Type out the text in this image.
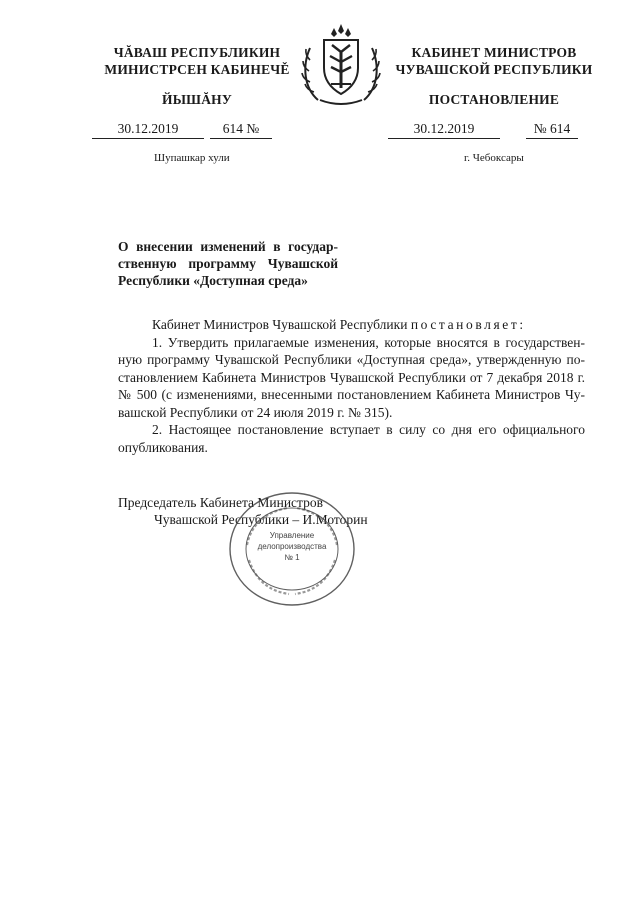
ЧĂВАШ РЕСПУБЛИКИН
МИНИСТРСЕН КАБИНЕЧĚ
ЙЫШĂНУ
КАБИНЕТ МИНИСТРОВ
ЧУВАШСКОЙ РЕСПУБЛИКИ
ПОСТАНОВЛЕНИЕ
30.12.2019	614 №	30.12.2019	№ 614
Шупашкар хули	г. Чебоксары
О внесении изменений в государ-
ственную программу Чувашской
Республики «Доступная среда»

Кабинет Министров Чувашской Республики постановляет:

1. Утвердить прилагаемые изменения, которые вносятся в государствен-

ную программу Чувашской Республики «Доступная среда», утвержденную по-

становлением Кабинета Министров Чувашской Республики от 7 декабря 2018 г.

№ 500 (с изменениями, внесенными постановлением Кабинета Министров Чу-

вашской Республики от 24 июля 2019 г. № 315).

2. Настоящее постановление вступает в силу со дня его официального

опубликования.

Председатель Кабинета Министров
Чувашской Республики – И.Моторин
Управление
делопроизводства
№ 1
